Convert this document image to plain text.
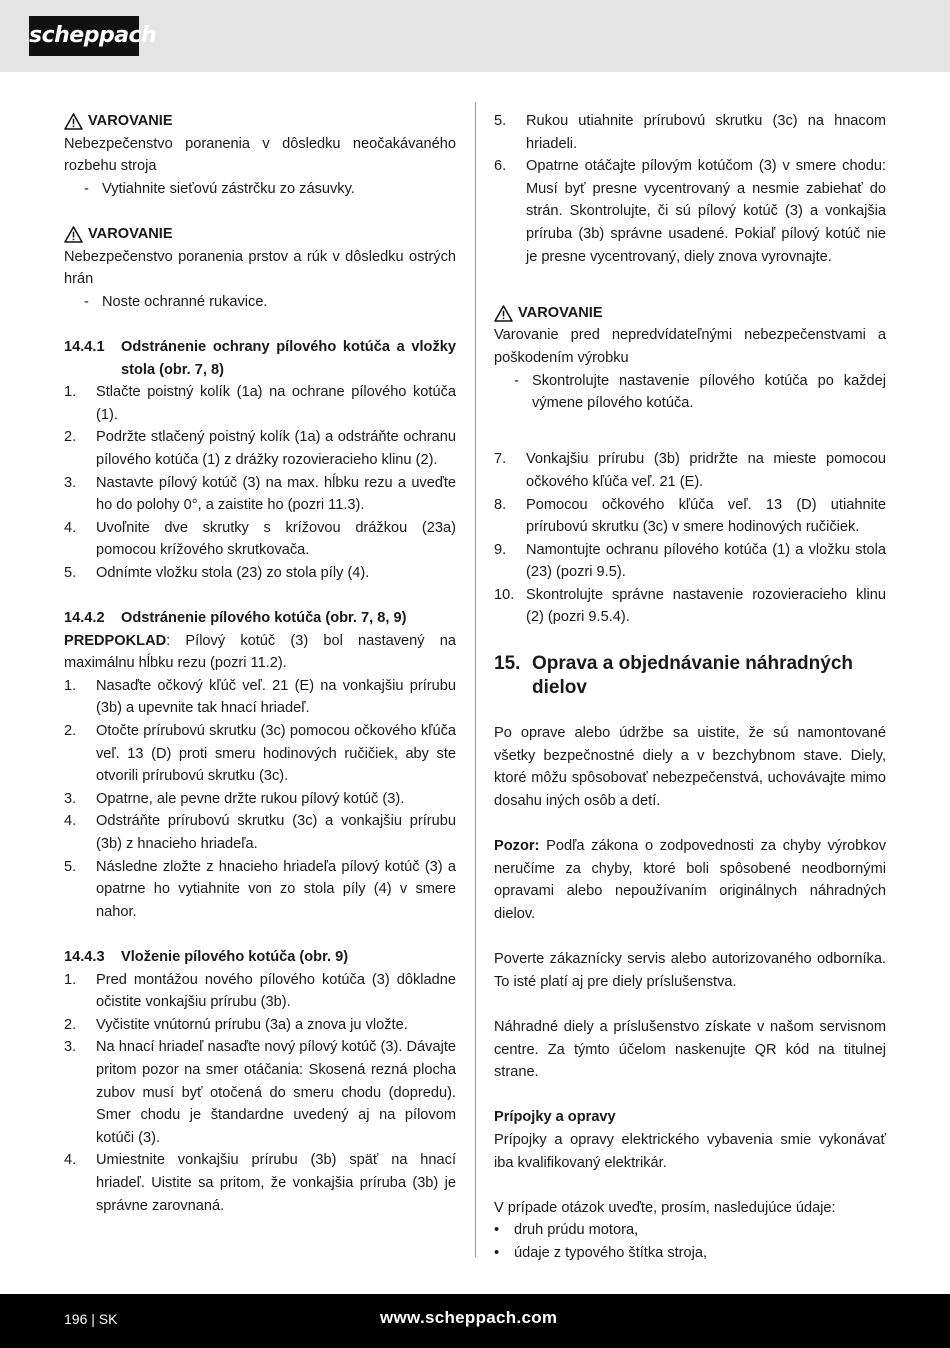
scheppach
VAROVANIE

Nebezpečenstvo poranenia v dôsledku neočakávaného rozbehu stroja

- Vytiahnite sieťovú zástrčku zo zásuvky.
VAROVANIE

Nebezpečenstvo poranenia prstov a rúk v dôsledku ostrých hrán

- Noste ochranné rukavice.
14.4.1	Odstránenie ochrany pílového kotúča a vložky stola (obr. 7, 8)
1.	Stlačte poistný kolík (1a) na ochrane pílového kotúča (1).
2.	Podržte stlačený poistný kolík (1a) a odstráňte ochranu pílového kotúča (1) z drážky rozovieracieho klinu (2).
3.	Nastavte pílový kotúč (3) na max. hĺbku rezu a uveďte ho do polohy 0°, a zaistite ho (pozri 11.3).
4.	Uvoľnite dve skrutky s krížovou drážkou (23a) pomocou krížového skrutkovača.
5.	Odnímte vložku stola (23) zo stola píly (4).
14.4.2	Odstránenie pílového kotúča (obr. 7, 8, 9)

PREDPOKLAD: Pílový kotúč (3) bol nastavený na maximálnu hĺbku rezu (pozri 11.2).

1.	Nasaďte očkový kľúč veľ. 21 (E) na vonkajšiu prírubu (3b) a upevnite tak hnací hriadeľ.
2.	Otočte prírubovú skrutku (3c) pomocou očkového kľúča veľ. 13 (D) proti smeru hodinových ručičiek, aby ste otvorili prírubovú skrutku (3c).
3.	Opatrne, ale pevne držte rukou pílový kotúč (3).
4.	Odstráňte prírubovú skrutku (3c) a vonkajšiu prírubu (3b) z hnacieho hriadeľa.
5.	Následne zložte z hnacieho hriadeľa pílový kotúč (3) a opatrne ho vytiahnite von zo stola píly (4) v smere nahor.
14.4.3	Vloženie pílového kotúča (obr. 9)
1.	Pred montážou nového pílového kotúča (3) dôkladne očistite vonkajšiu prírubu (3b).
2.	Vyčistite vnútornú prírubu (3a) a znova ju vložte.
3.	Na hnací hriadeľ nasaďte nový pílový kotúč (3). Dávajte pritom pozor na smer otáčania: Skosená rezná plocha zubov musí byť otočená do smeru chodu (dopredu). Smer chodu je štandardne uvedený aj na pílovom kotúči (3).
4.	Umiestnite vonkajšiu prírubu (3b) späť na hnací hriadeľ. Uistite sa pritom, že vonkajšia príruba (3b) je správne zarovnaná.
5.	Rukou utiahnite prírubovú skrutku (3c) na hnacom hriadeli.
6.	Opatrne otáčajte pílovým kotúčom (3) v smere chodu: Musí byť presne vycentrovaný a nesmie zabiehať do strán. Skontrolujte, či sú pílový kotúč (3) a vonkajšia príruba (3b) správne usadené. Pokiaľ pílový kotúč nie je presne vycentrovaný, diely znova vyrovnajte.
VAROVANIE

Varovanie pred nepredvídateľnými nebezpečenstvami a poškodením výrobku

- Skontrolujte nastavenie pílového kotúča po každej výmene pílového kotúča.
7.	Vonkajšiu prírubu (3b) pridržte na mieste pomocou očkového kľúča veľ. 21 (E).
8.	Pomocou očkového kľúča veľ. 13 (D) utiahnite prírubovú skrutku (3c) v smere hodinových ručičiek.
9.	Namontujte ochranu pílového kotúča (1) a vložku stola (23) (pozri 9.5).
10. Skontrolujte správne nastavenie rozovieracieho klinu (2) (pozri 9.5.4).
15. Oprava a objednávanie náhradných dielov

Po oprave alebo údržbe sa uistite, že sú namontované všetky bezpečnostné diely a v bezchybnom stave. Diely, ktoré môžu spôsobovať nebezpečenstvá, uchovávajte mimo dosahu iných osôb a detí.

Pozor: Podľa zákona o zodpovednosti za chyby výrobkov neručíme za chyby, ktoré boli spôsobené neodbornými opravami alebo nepoužívaním originálnych náhradných dielov.

Poverte zákaznícky servis alebo autorizovaného odborníka. To isté platí aj pre diely príslušenstva.

Náhradné diely a príslušenstvo získate v našom servisnom centre. Za týmto účelom naskenujte QR kód na titulnej strane.

Prípojky a opravy

Prípojky a opravy elektrického vybavenia smie vykonávať iba kvalifikovaný elektrikár.

V prípade otázok uveďte, prosím, nasledujúce údaje:

•	druh prúdu motora,
•	údaje z typového štítka stroja,
196 | SK	www.scheppach.com
